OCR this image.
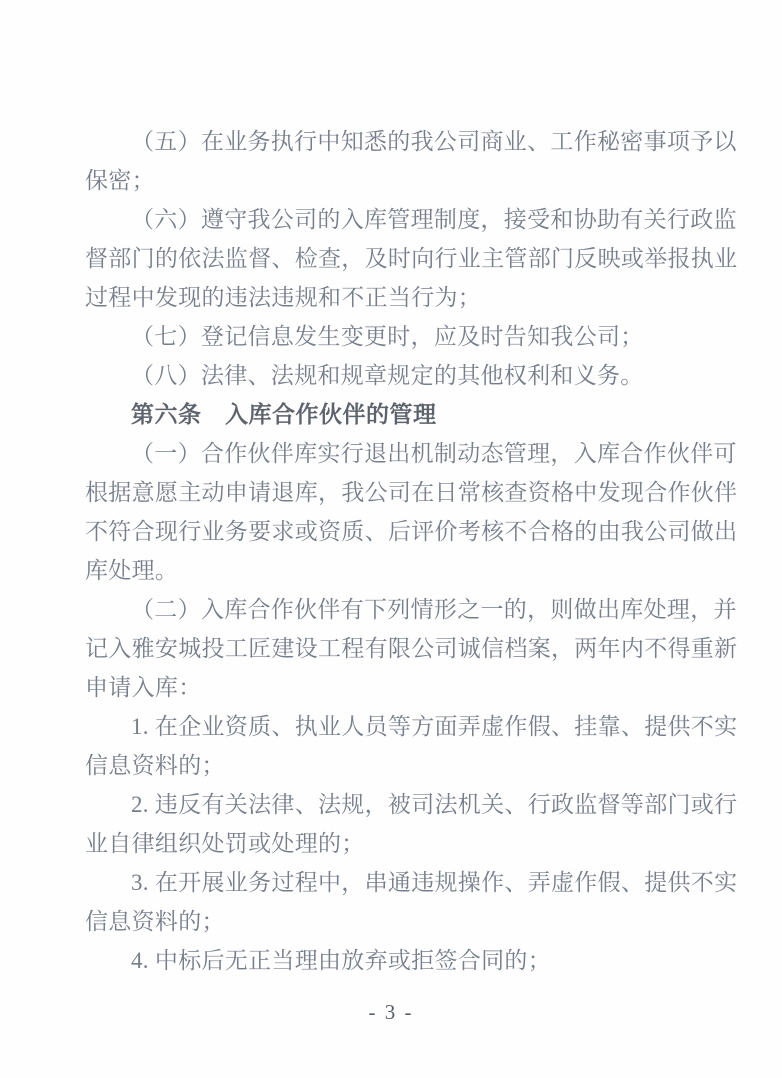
（五）在业务执行中知悉的我公司商业、工作秘密事项予以
保密；
（六）遵守我公司的入库管理制度，接受和协助有关行政监
督部门的依法监督、检查，及时向行业主管部门反映或举报执业
过程中发现的违法违规和不正当行为；
（七）登记信息发生变更时，应及时告知我公司；
（八）法律、法规和规章规定的其他权利和义务。
第六条　入库合作伙伴的管理
（一）合作伙伴库实行退出机制动态管理，入库合作伙伴可
根据意愿主动申请退库，我公司在日常核查资格中发现合作伙伴
不符合现行业务要求或资质、后评价考核不合格的由我公司做出
库处理。
（二）入库合作伙伴有下列情形之一的，则做出库处理，并
记入雅安城投工匠建设工程有限公司诚信档案，两年内不得重新
申请入库：
1. 在企业资质、执业人员等方面弄虚作假、挂靠、提供不实
信息资料的；
2. 违反有关法律、法规，被司法机关、行政监督等部门或行
业自律组织处罚或处理的；
3. 在开展业务过程中，串通违规操作、弄虚作假、提供不实
信息资料的；
4. 中标后无正当理由放弃或拒签合同的；
- 3 -
